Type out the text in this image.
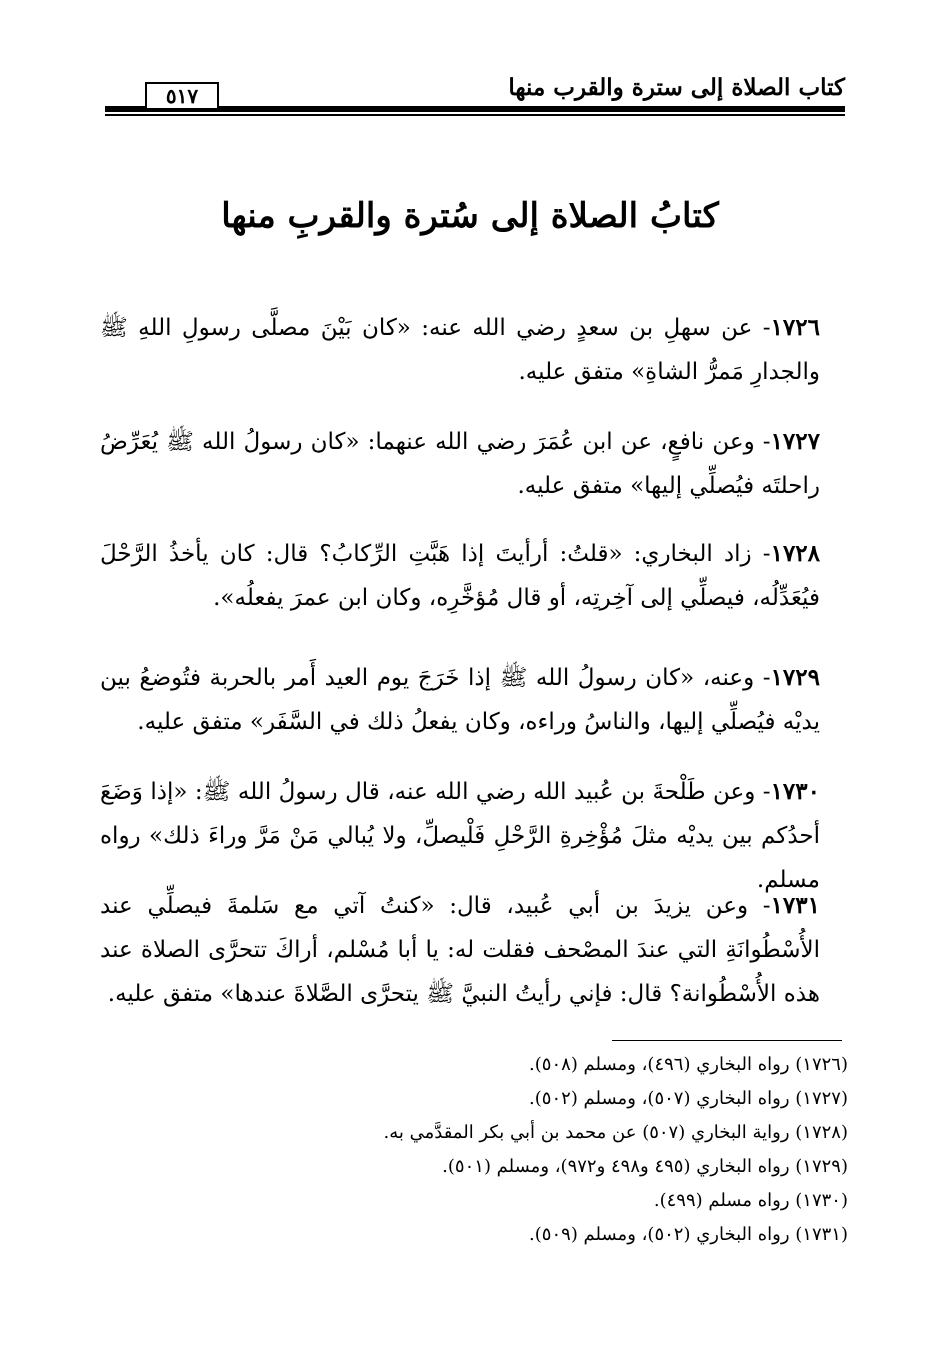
كتاب الصلاة إلى سترة والقرب منها
٥١٧
كتابُ الصلاة إلى سُترة والقربِ منها
١٧٢٦- عن سهلِ بن سعدٍ رضي الله عنه: «كان بَيْنَ مصلَّى رسولِ اللهِ ﷺ والجدارِ مَمرُّ الشاةِ» متفق عليه.
١٧٢٧- وعن نافعٍ، عن ابن عُمَرَ رضي الله عنهما: «كان رسولُ الله ﷺ يُعَرِّضُ راحلتَه فيُصلِّي إليها» متفق عليه.
١٧٢٨- زاد البخاري: «قلتُ: أرأيتَ إذا هَبَّتِ الرِّكابُ؟ قال: كان يأخذُ الرَّحْلَ فيُعَدِّلُه، فيصلِّي إلى آخِرتِه، أو قال مُؤخَّرِه، وكان ابن عمرَ يفعلُه».
١٧٢٩- وعنه، «كان رسولُ الله ﷺ إذا خَرَجَ يوم العيد أَمر بالحربة فتُوضعُ بين يديْه فيُصلِّي إليها، والناسُ وراءه، وكان يفعلُ ذلك في السَّفَر» متفق عليه.
١٧٣٠- وعن طَلْحةَ بن عُبيد الله رضي الله عنه، قال رسولُ الله ﷺ: «إذا وَضَعَ أحدُكم بين يديْه مثلَ مُؤْخِرةِ الرَّحْلِ فَلْيصلِّ، ولا يُبالي مَنْ مَرَّ وراءَ ذلك» رواه مسلم.
١٧٣١- وعن يزيدَ بن أبي عُبيد، قال: «كنتُ آتي مع سَلمةَ فيصلِّي عند الأُسْطُوانَةِ التي عندَ المصْحف فقلت له: يا أبا مُسْلم، أراكَ تتحرَّى الصلاة عند هذه الأُسْطُوانة؟ قال: فإني رأيتُ النبيَّ ﷺ يتحرَّى الصَّلاةَ عندها» متفق عليه.
(١٧٢٦) رواه البخاري (٤٩٦)، ومسلم (٥٠٨).
(١٧٢٧) رواه البخاري (٥٠٧)، ومسلم (٥٠٢).
(١٧٢٨) رواية البخاري (٥٠٧) عن محمد بن أبي بكر المقدَّمي به.
(١٧٢٩) رواه البخاري (٤٩٥ و٤٩٨ و٩٧٢)، ومسلم (٥٠١).
(١٧٣٠) رواه مسلم (٤٩٩).
(١٧٣١) رواه البخاري (٥٠٢)، ومسلم (٥٠٩).
